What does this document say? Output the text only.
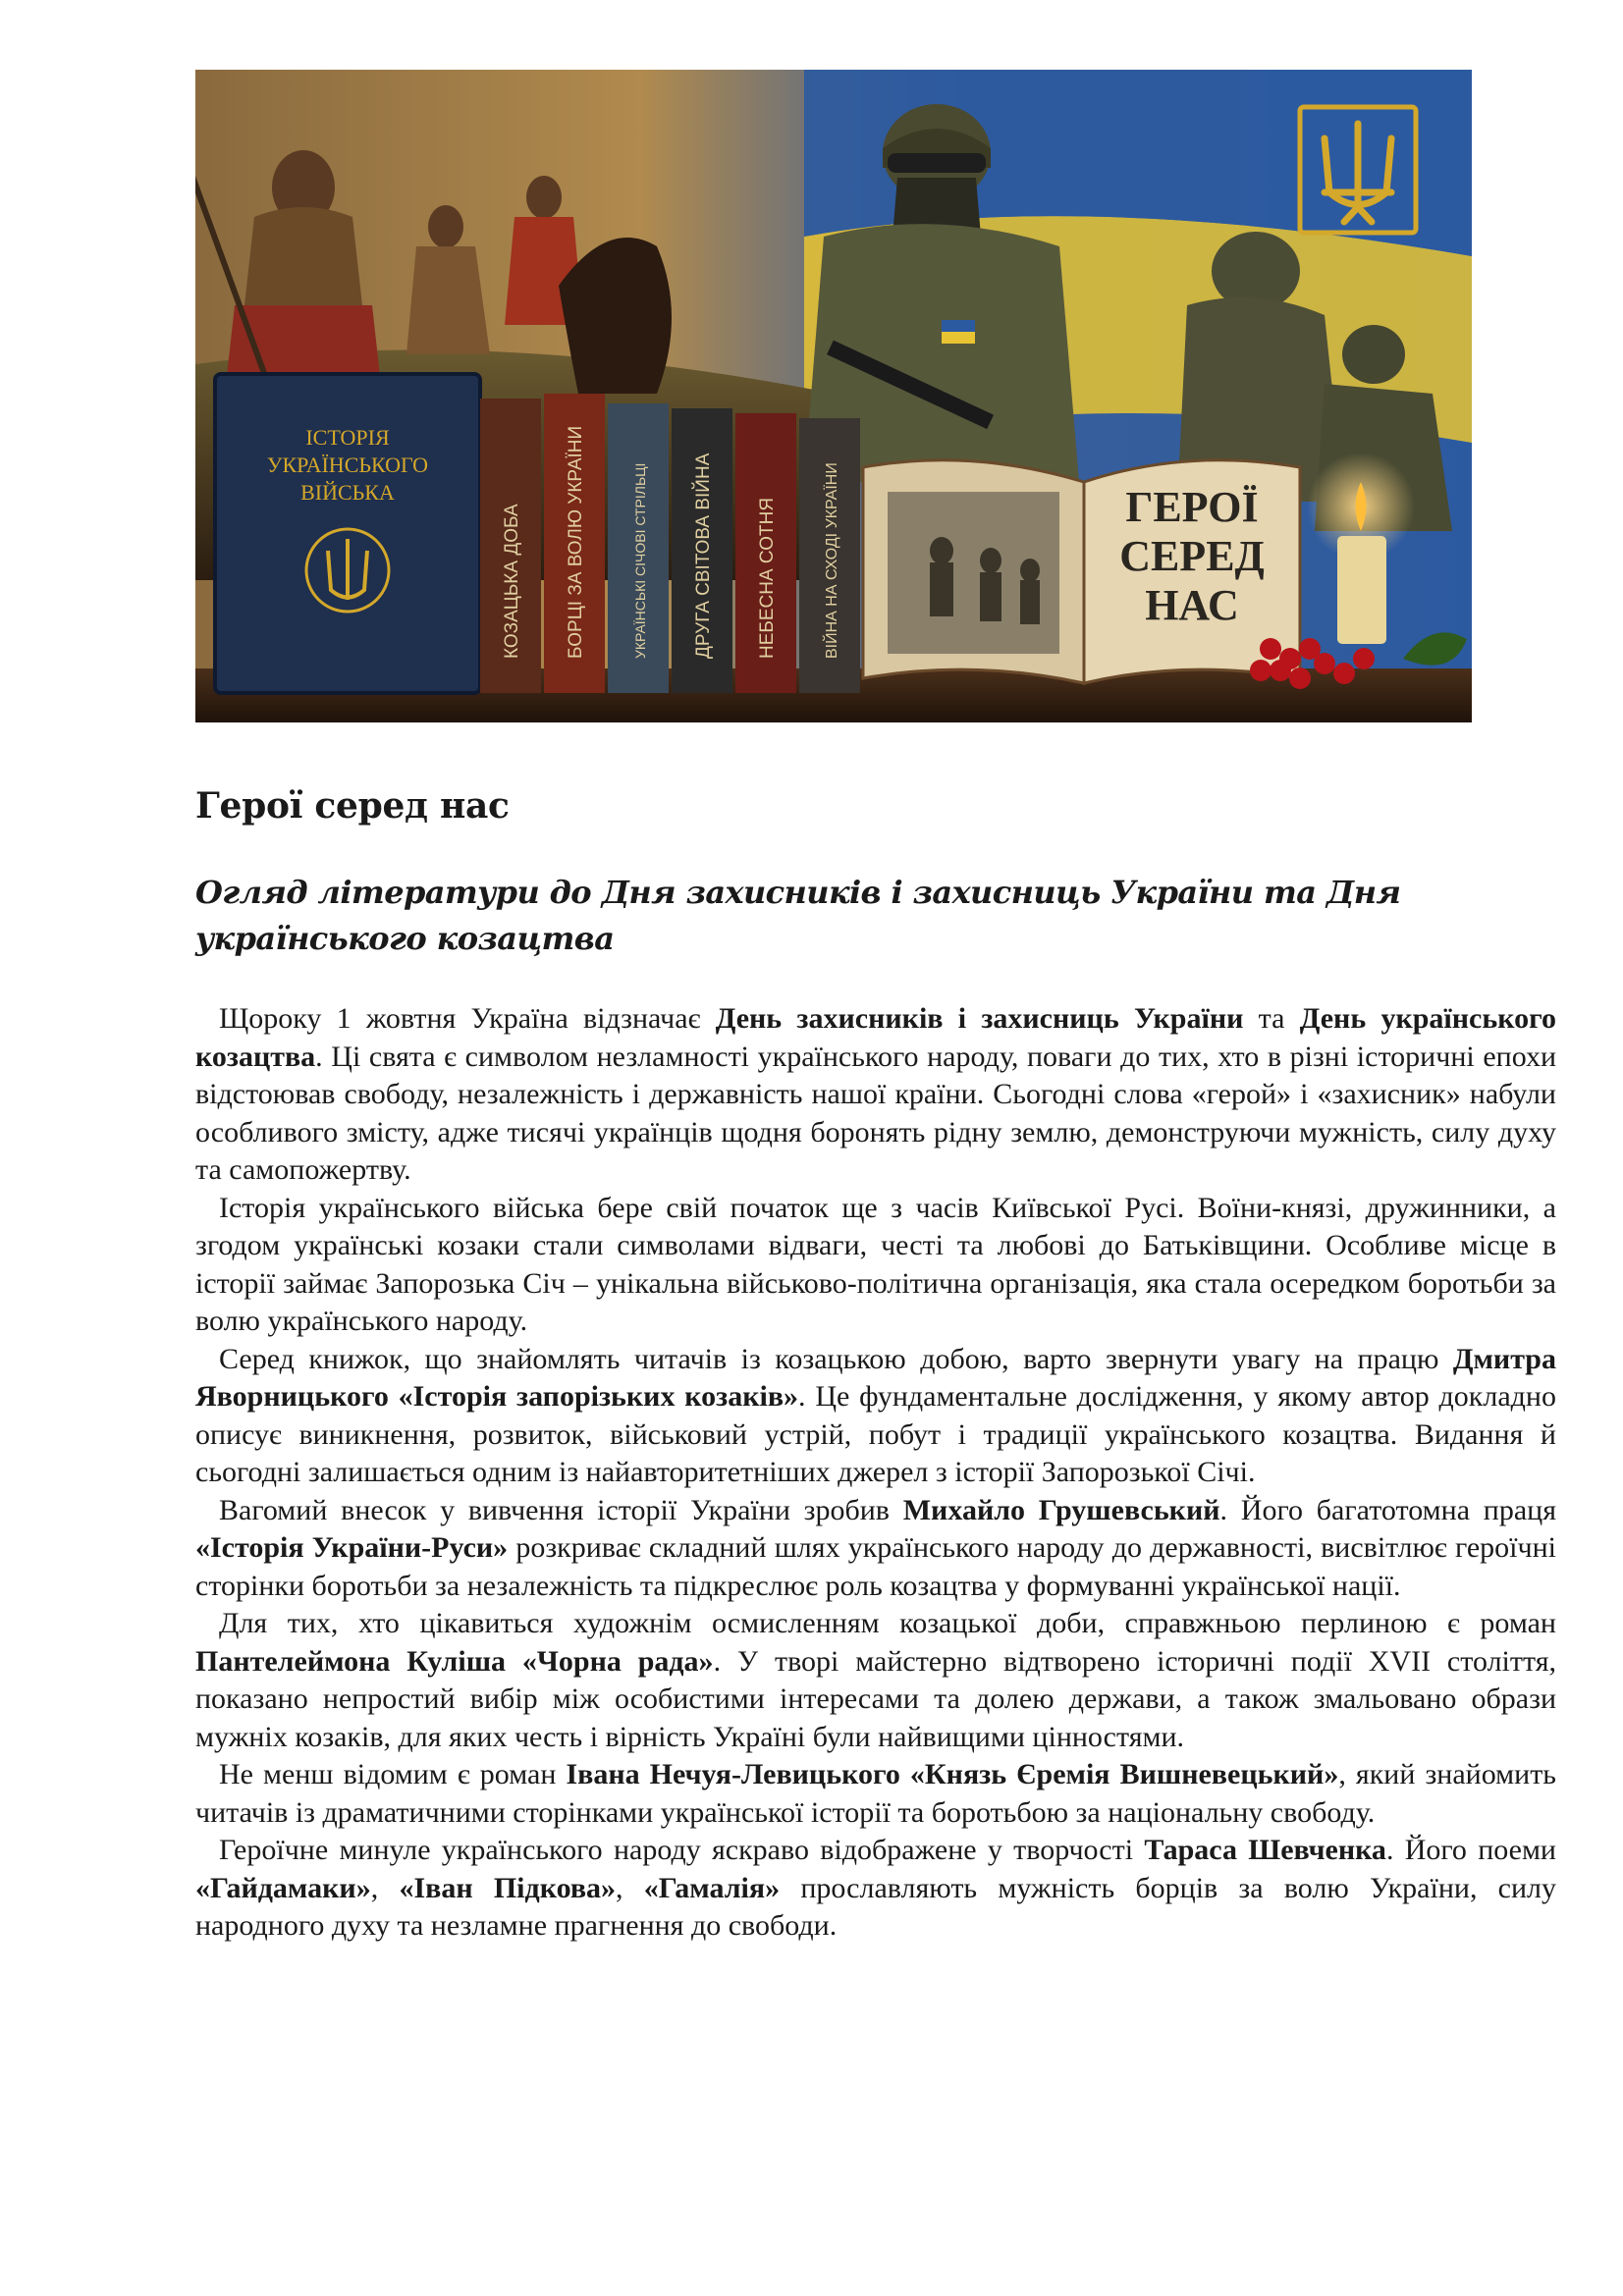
ІСТОРІЯ
УКРАЇНСЬКОГО
ВІЙСЬКА
КОЗАЦЬКА ДОБА БОРЦІ ЗА ВОЛЮ УКРАЇНИ	УКРАЇНСЬКІ СІЧОВІ СТРІЛЬЦІ ДРУГА СВІТОВА ВІЙНА НЕБЕСНА СОТНЯ	ВІЙНА НА СХОДІ УКРАЇНИ	ГЕРОЇ
СЕРЕД
НАС
Герої серед нас
Огляд літератури до Дня захисників і захисниць України та Дня українського козацтва

Щороку 1 жовтня Україна відзначає День захисників і захисниць України та День українського козацтва. Ці свята є символом незламності українського народу, поваги до тих, хто в різні історичні епохи відстоював свободу, незалежність і державність нашої країни. Сьогодні слова «герой» і «захисник» набули особливого змісту, адже тисячі українців щодня боронять рідну землю, демонструючи мужність, силу духу та самопожертву.

Історія українського війська бере свій початок ще з часів Київської Русі. Воїни-князі, дружинники, а згодом українські козаки стали символами відваги, честі та любові до Батьківщини. Особливе місце в історії займає Запорозька Січ – унікальна військово-політична організація, яка стала осередком боротьби за волю українського народу.

Серед книжок, що знайомлять читачів із козацькою добою, варто звернути увагу на працю Дмитра Яворницького «Історія запорізьких козаків». Це фундаментальне дослідження, у якому автор докладно описує виникнення, розвиток, військовий устрій, побут і традиції українського козацтва. Видання й сьогодні залишається одним із найавторитетніших джерел з історії Запорозької Січі.

Вагомий внесок у вивчення історії України зробив Михайло Грушевський. Його багатотомна праця «Історія України-Руси» розкриває складний шлях українського народу до державності, висвітлює героїчні сторінки боротьби за незалежність та підкреслює роль козацтва у формуванні української нації.

Для тих, хто цікавиться художнім осмисленням козацької доби, справжньою перлиною є роман Пантелеймона Куліша «Чорна рада». У творі майстерно відтворено історичні події XVII століття, показано непростий вибір між особистими інтересами та долею держави, а також змальовано образи мужніх козаків, для яких честь і вірність Україні були найвищими цінностями.

Не менш відомим є роман Івана Нечуя-Левицького «Князь Єремія Вишневецький», який знайомить читачів із драматичними сторінками української історії та боротьбою за національну свободу.

Героїчне минуле українського народу яскраво відображене у творчості Тараса Шевченка. Його поеми «Гайдамаки», «Іван Підкова», «Гамалія» прославляють мужність борців за волю України, силу народного духу та незламне прагнення до свободи.
